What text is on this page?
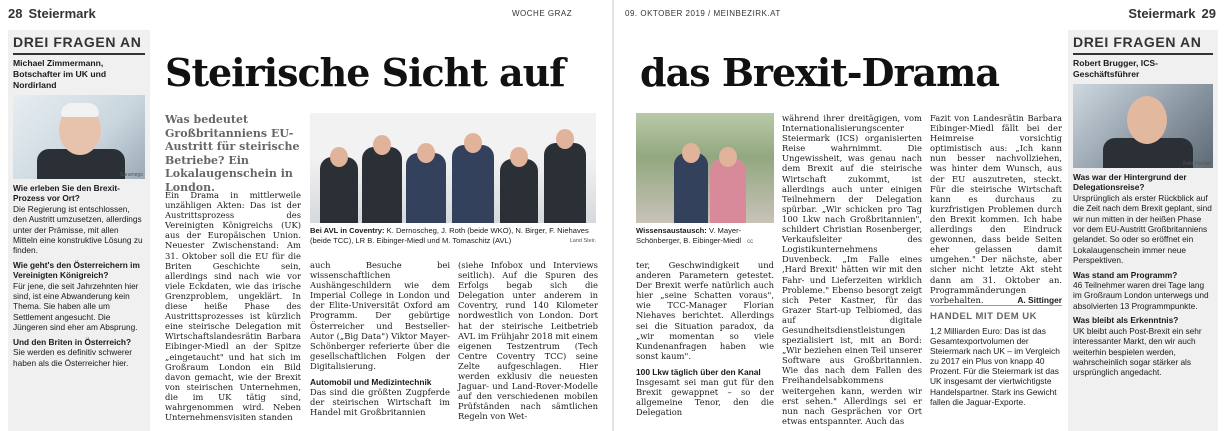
28 Steiermark	WOCHE GRAZ	09. OKTOBER 2019 / MEINBEZIRK.AT	Steiermark 29
DREI FRAGEN AN
Michael Zimmermann, Botschafter im UK und Nordirland
Saramego
Wie erleben Sie den Brexit-Prozess vor Ort?
Die Regierung ist entschlossen, den Austritt umzusetzen, allerdings unter der Prämisse, mit allen Mitteln eine konstruktive Lösung zu finden.
Wie geht's den Österreichern im Vereinigten Königreich?
Für jene, die seit Jahrzehnten hier sind, ist eine Abwanderung kein Thema. Sie haben alle um Settlement angesucht. Die Jüngeren sind eher am Absprung.
Und den Briten in Österreich?
Sie werden es definitiv schwerer haben als die Österreicher hier.
Steirische Sicht auf das Brexit-Drama
Was bedeutet Großbritanniens EU-Austritt für steirische Betriebe? Ein Lokalaugenschein in London.
Bei AVL in Coventry: K. Dernoscheg, J. Roth (beide WKO), N. Birger, F. Niehaves (beide TCC), LR B. Eibinger-Miedl und M. Tomaschitz (AVL)	Land Steir.
Wissensaustausch: V. Mayer-Schönberger, B. Eibinger-Miedl cc
Ein Drama in mittlerweile unzähligen Akten: Das ist der Austrittsprozess des Vereinigten Königreichs (UK) aus der Europäischen Union. Neuester Zwischenstand: Am 31. Oktober soll die EU für die Briten Geschichte sein, allerdings sind nach wie vor viele Eckdaten, wie das irische Grenzproblem, ungeklärt. In diese heiße Phase des Austrittsprozesses ist kürzlich eine steirische Delegation mit Wirtschaftslandesrätin Barbara Eibinger-Miedl an der Spitze „eingetaucht" und hat sich im Großraum London ein Bild davon gemacht, wie der Brexit von steirischen Unternehmen, die im UK tätig sind, wahrgenommen wird. Neben Unternehmensvisiten standen
auch Besuche bei wissenschaftlichen Aushängeschildern wie dem Imperial College in London und der Elite-Universität Oxford am Programm. Der gebürtige Österreicher und Bestseller-Autor („Big Data") Viktor Mayer-Schönberger referierte über die gesellschaftlichen Folgen der Digitalisierung.
Automobil und Medizintechnik
Das sind die größten Zugpferde der steirischen Wirtschaft im Handel mit Großbritannien
(siehe Infobox und Interviews seitlich). Auf die Spuren des Erfolgs begab sich die Delegation unter anderem in Coventry, rund 140 Kilometer nordwestlich von London. Dort hat der steirische Leitbetrieb AVL im Frühjahr 2018 mit einem eigenen Testzentrum (Tech Centre Coventry TCC) seine Zelte aufgeschlagen. Hier werden exklusiv die neuesten Jaguar- und Land-Rover-Modelle auf den verschiedenen mobilen Prüfständen nach sämtlichen Regeln von Wet-
ter, Geschwindigkeit und anderen Parametern getestet. Der Brexit werfe natürlich auch hier „seine Schatten voraus", wie TCC-Manager Florian Niehaves berichtet. Allerdings sei die Situation paradox, da „wir momentan so viele Kundenanfragen haben wie sonst kaum".
100 Lkw täglich über den Kanal
Insgesamt sei man gut für den Brexit gewappnet – so der allgemeine Tenor, den die Delegation
während ihrer dreitägigen, vom Internationalisierungscenter Steiermark (ICS) organisierten Reise wahrnimmt. Die Ungewissheit, was genau nach dem Brexit auf die steirische Wirtschaft zukommt, ist allerdings auch unter einigen Teilnehmern der Delegation spürbar. „Wir schicken pro Tag 100 Lkw nach Großbritannien", schildert Christian Rosenberger, Verkaufsleiter des Logistikunternehmens Duvenbeck. „Im Falle eines ‚Hard Brexit' hätten wir mit den Fahr- und Lieferzeiten wirklich Probleme." Ebenso besorgt zeigt sich Peter Kastner, für das Grazer Start-up Telbiomed, das auf digitale Gesundheitsdienstleistungen spezialisiert ist, mit an Bord: „Wir beziehen einen Teil unserer Software aus Großbritannien. Wie das nach dem Fallen des Freihandelsabkommens weitergehen kann, werden wir erst sehen." Allerdings sei er nun nach Gesprächen vor Ort etwas entspannter. Auch das
Fazit von Landesrätin Barbara Eibinger-Miedl fällt bei der Heimreise vorsichtig optimistisch aus: „Ich kann nun besser nachvollziehen, was hinter dem Wunsch, aus der EU auszutreten, steckt. Für die steirische Wirtschaft kann es durchaus zu kurzfristigen Problemen durch den Brexit kommen. Ich habe allerdings den Eindruck gewonnen, dass beide Seiten eher gelassen damit umgehen." Der nächste, aber sicher nicht letzte Akt steht dann am 31. Oktober an. Programmänderungen vorbehalten.	A. Sittinger
HANDEL MIT DEM UK
1,2 Milliarden Euro: Das ist das Gesamtexportvolumen der Steiermark nach UK – im Vergleich zu 2017 ein Plus von knapp 40 Prozent. Für die Steiermark ist das UK insgesamt der viertwichtigste Handelspartner. Stark ins Gewicht fallen die Jaguar-Exporte.
DREI FRAGEN AN
Robert Brugger, ICS-Geschäftsführer
Foto Fischer
Was war der Hintergrund der Delegationsreise?
Ursprünglich als erster Rückblick auf die Zeit nach dem Brexit geplant, sind wir nun mitten in der heißen Phase vor dem EU-Austritt Großbritanniens gelandet. So oder so eröffnet ein Lokalaugenschein immer neue Perspektiven.
Was stand am Programm?
46 Teilnehmer waren drei Tage lang im Großraum London unterwegs und absolvierten 13 Programmpunkte.
Was bleibt als Erkenntnis?
UK bleibt auch Post-Brexit ein sehr interessanter Markt, den wir auch weiterhin bespielen werden, wahrscheinlich sogar stärker als ursprünglich angedacht.
